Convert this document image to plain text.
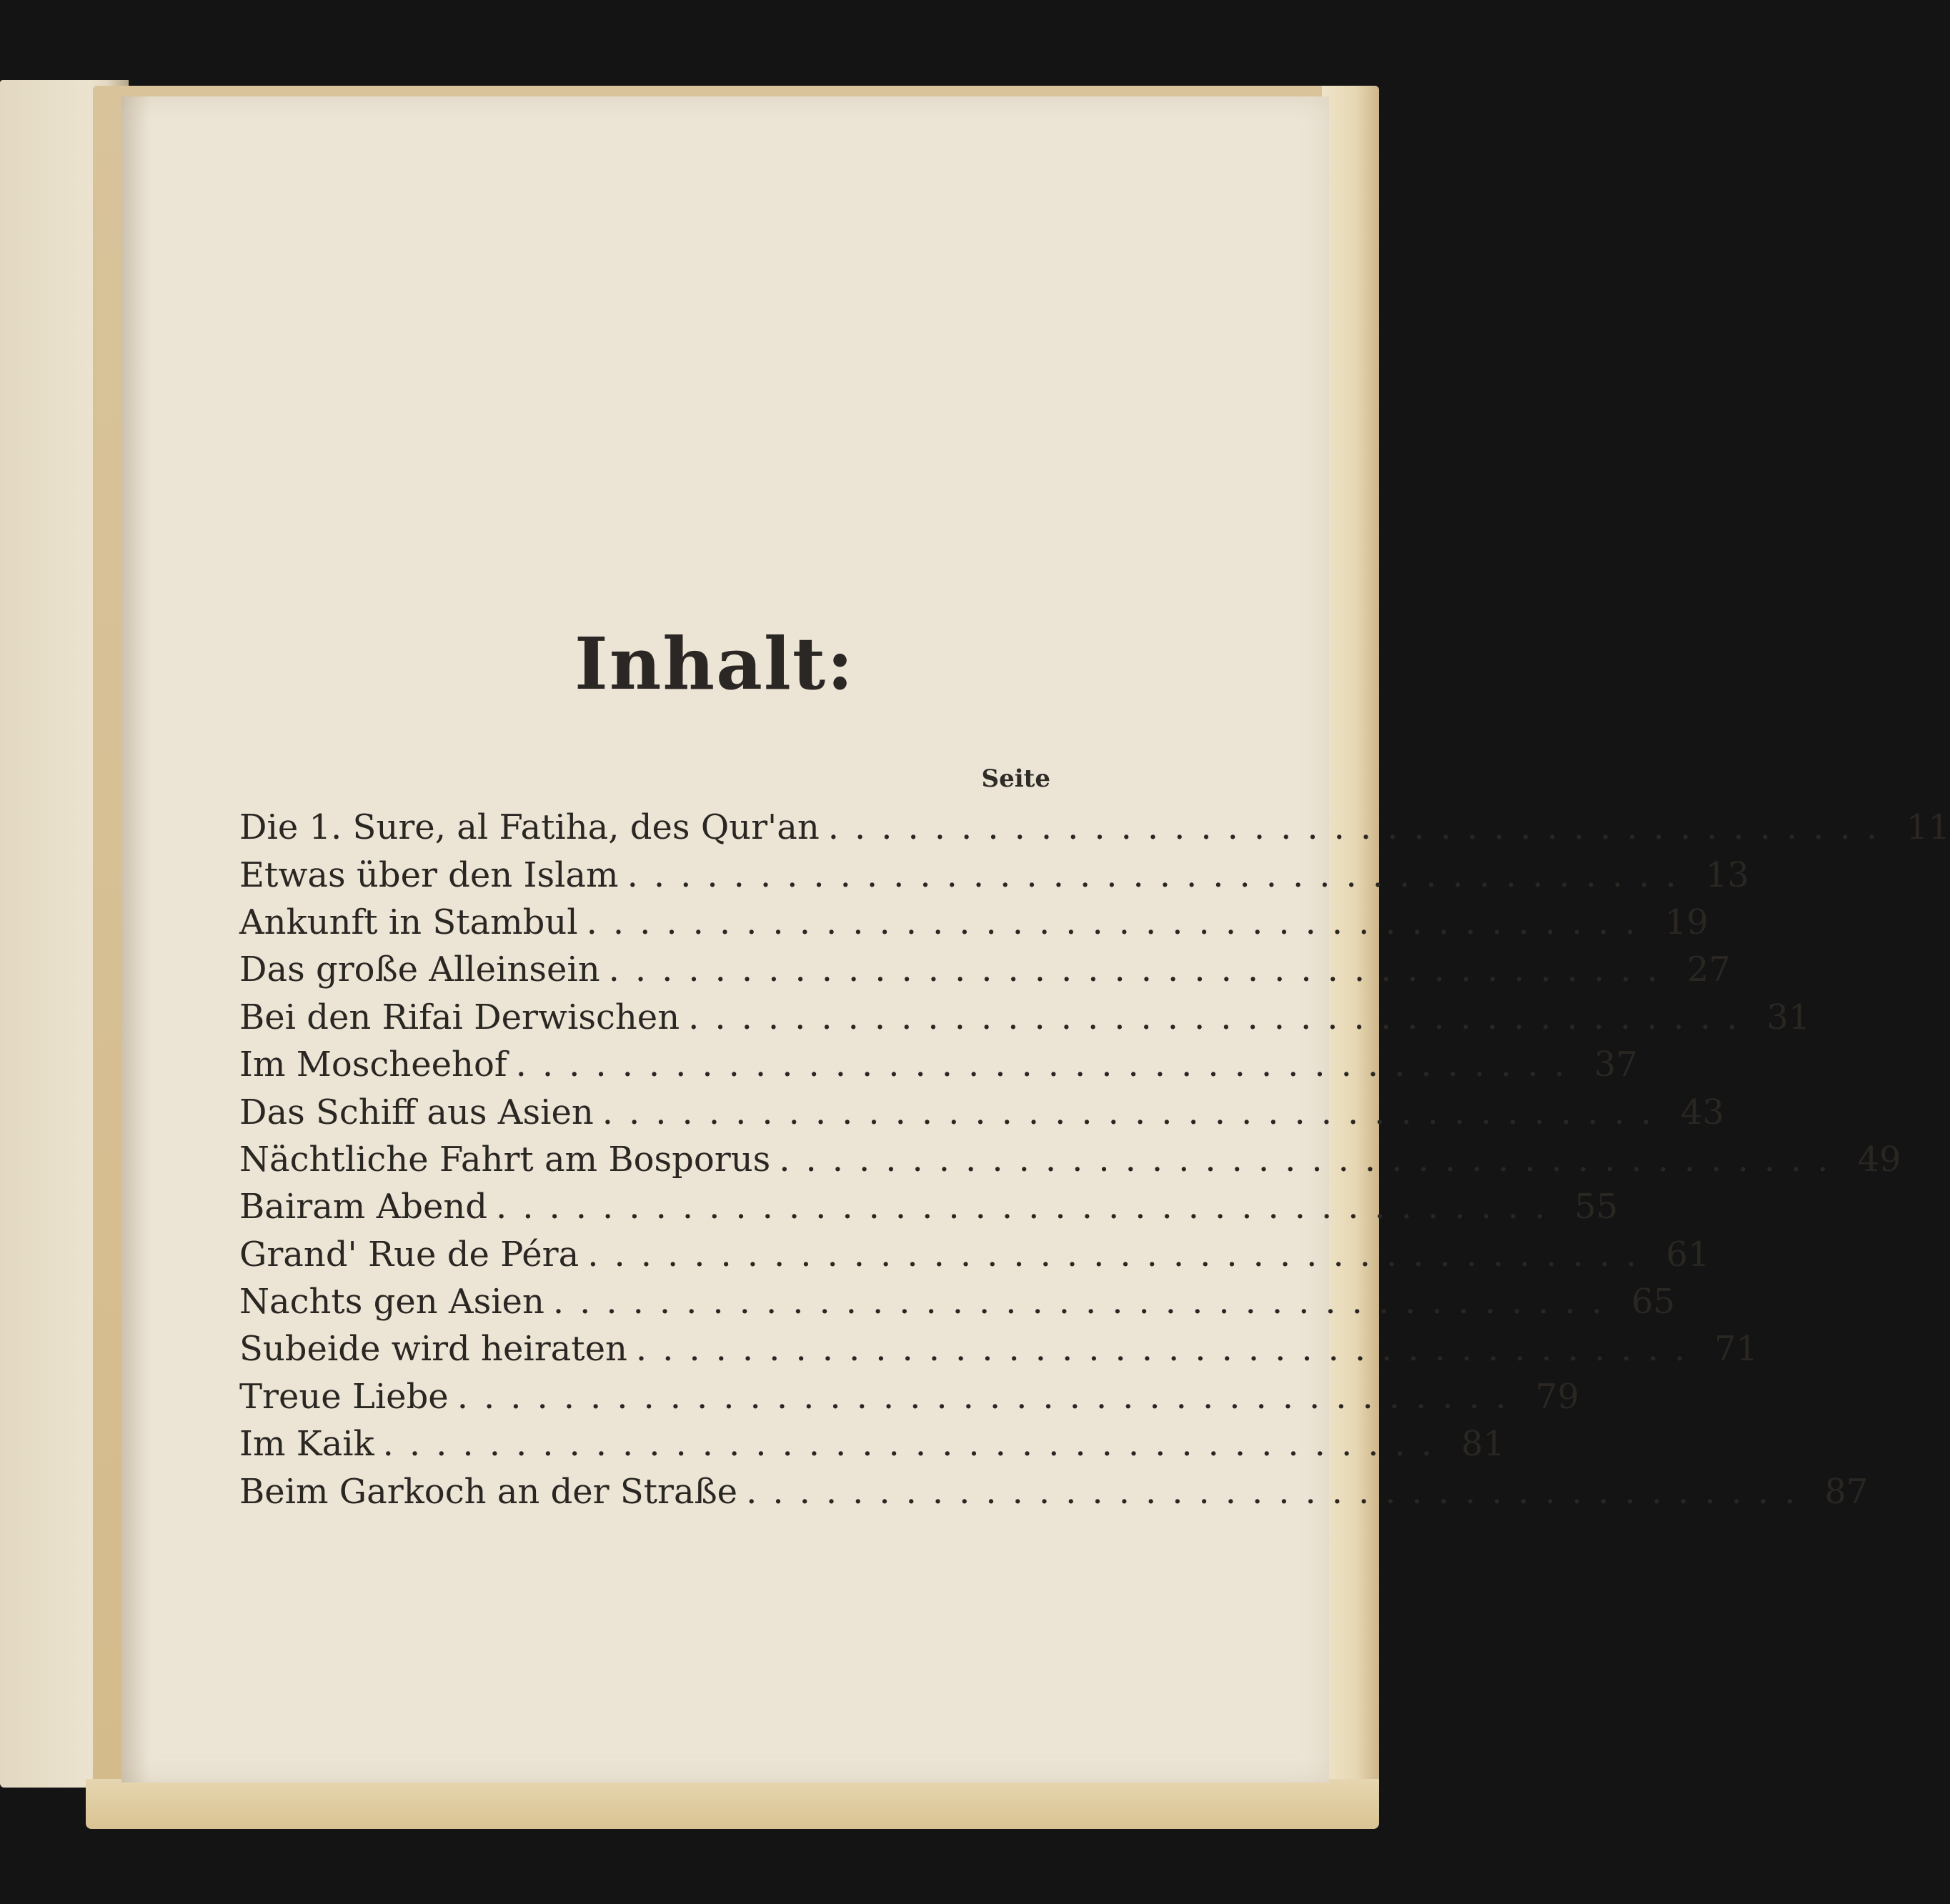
Inhalt:
Seite
Die 1. Sure, al Fatiha, des Qur'an ........................................ 11
Etwas über den Islam ........................................ 13
Ankunft in Stambul ........................................ 19
Das große Alleinsein ........................................ 27
Bei den Rifai Derwischen ........................................ 31
Im Moscheehof ........................................ 37
Das Schiff aus Asien ........................................ 43
Nächtliche Fahrt am Bosporus ........................................ 49
Bairam Abend ........................................ 55
Grand' Rue de Péra ........................................ 61
Nachts gen Asien ........................................ 65
Subeide wird heiraten ........................................ 71
Treue Liebe ........................................ 79
Im Kaik ........................................ 81
Beim Garkoch an der Straße ........................................ 87
